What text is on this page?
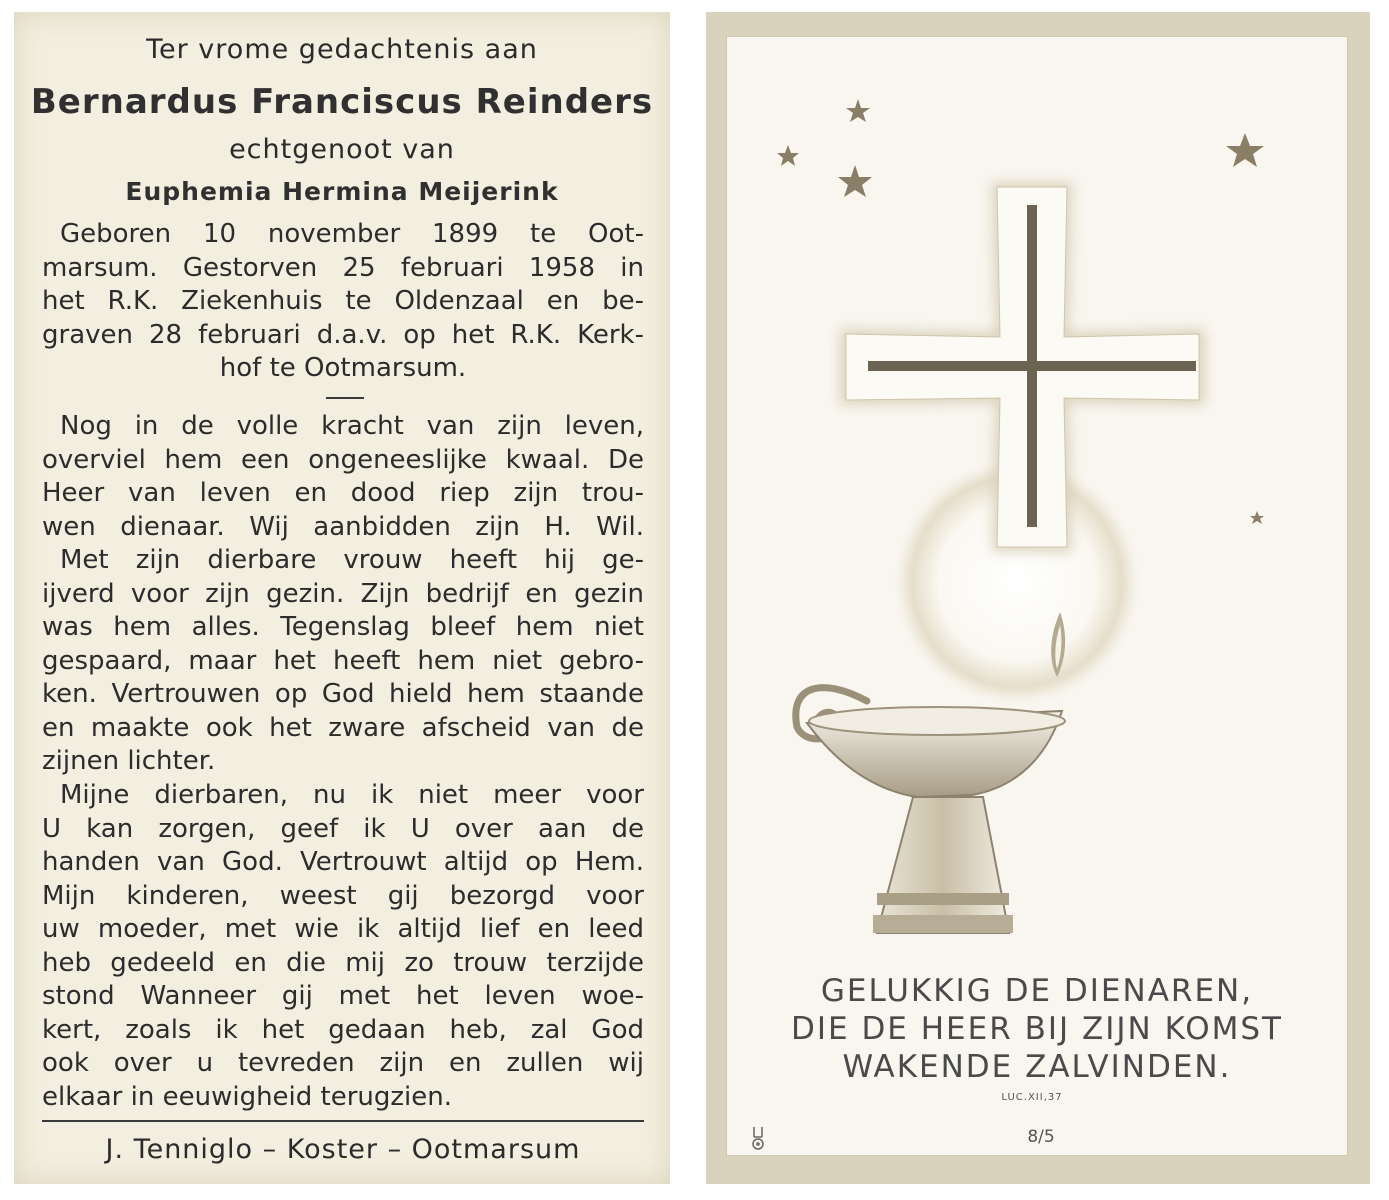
Ter vrome gedachtenis aan
Bernardus Franciscus Reinders
echtgenoot van
Euphemia Hermina Meijerink
Geboren 10 november 1899 te Oot-
marsum. Gestorven 25 februari 1958 in
het R.K. Ziekenhuis te Oldenzaal en be-
graven 28 februari d.a.v. op het R.K. Kerk-
hof te Ootmarsum.
Nog in de volle kracht van zijn leven,
overviel hem een ongeneeslijke kwaal. De
Heer van leven en dood riep zijn trou-
wen dienaar. Wij aanbidden zijn H. Wil.
Met zijn dierbare vrouw heeft hij ge-
ijverd voor zijn gezin. Zijn bedrijf en gezin
was hem alles. Tegenslag bleef hem niet
gespaard, maar het heeft hem niet gebro-
ken. Vertrouwen op God hield hem staande
en maakte ook het zware afscheid van de
zijnen lichter.
Mijne dierbaren, nu ik niet meer voor
U kan zorgen, geef ik U over aan de
handen van God. Vertrouwt altijd op Hem.
Mijn kinderen, weest gij bezorgd voor
uw moeder, met wie ik altijd lief en leed
heb gedeeld en die mij zo trouw terzijde
stond Wanneer gij met het leven woe-
kert, zoals ik het gedaan heb, zal God
ook over u tevreden zijn en zullen wij
elkaar in eeuwigheid terugzien.
J. Tenniglo – Koster – Ootmarsum
GELUKKIG DE DIENAREN,
DIE DE HEER BIJ ZIJN KOMST
WAKENDE ZALVINDEN.
LUC.XII,37
8/5
